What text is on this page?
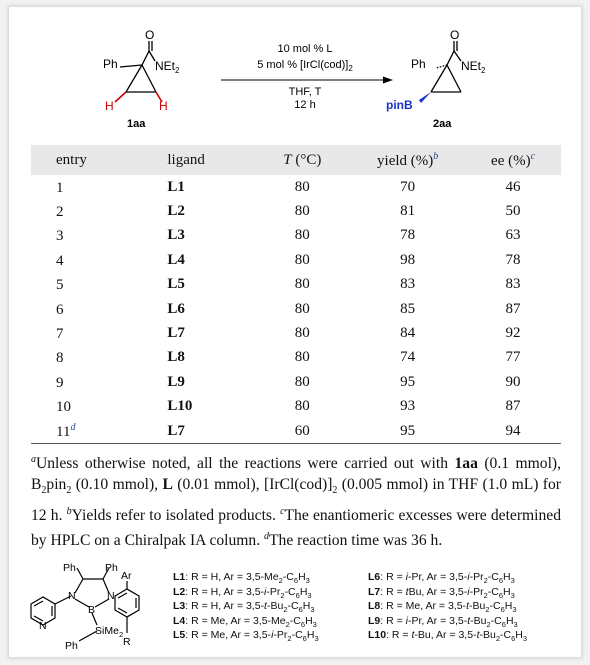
Ph
O
NEt$_2$
H	H
1aa
10 mol % L
5 mol % $[IrCl(cod)]_2$
THF, T
12 h
Ph
O
NEt$_2$
pinB
2aa
entry	ligand	T (°C)	yield (%)$^b$	ee (%)$^c$
1	L1	80	70	46
2	L2	80	81	50
3	L3	80	78	63
4	L4	80	98	78
5	L5	80	83	83
6	L6	80	85	87
7	L7	80	84	92
8	L8	80	74	77
9	L9	80	95	90
10	L10	80	93	87
11$^d$	L7	60	95	94

$^a$Unless otherwise noted, all the reactions were carried out with 1aa (0.1 mmol), $B_2pin_2$ (0.10 mmol), L (0.01 mmol), $[IrCl(cod)]_2$ (0.005 mmol) in THF (1.0 mL) for 12 h. $^b$Yields refer to isolated products. $^c$The enantiomeric excesses were determined by HPLC on a Chiralpak IA column. $^d$The reaction time was 36 h.

Ph	Ph
Ar
N	N
N
B
SiMe$_2$
Ph	R
L1: R = H, $Ar = 3,5-Me_2-C_6H_3$
L2: R = H, $Ar = 3,5-i-Pr_2-C_6H_3$
L3: R = H, $Ar = 3,5-t-Bu_2-C_6H_3$
L4: R = Me, $Ar = 3,5-Me_2-C_6H_3$
L5: R = Me, $Ar = 3,5-i-Pr_2-C_6H_3$
L6: R = i-Pr, $Ar = 3,5-i-Pr_2-C_6H_3$
L7: R = tBu, $Ar = 3,5-i-Pr_2-C_6H_3$
L8: R = Me, $Ar = 3,5-t-Bu_2-C_6H_3$
L9: R = i-Pr, $Ar = 3,5-t-Bu_2-C_6H_3$
L10: R = t-Bu, $Ar = 3,5-t-Bu_2-C_6H_3$
